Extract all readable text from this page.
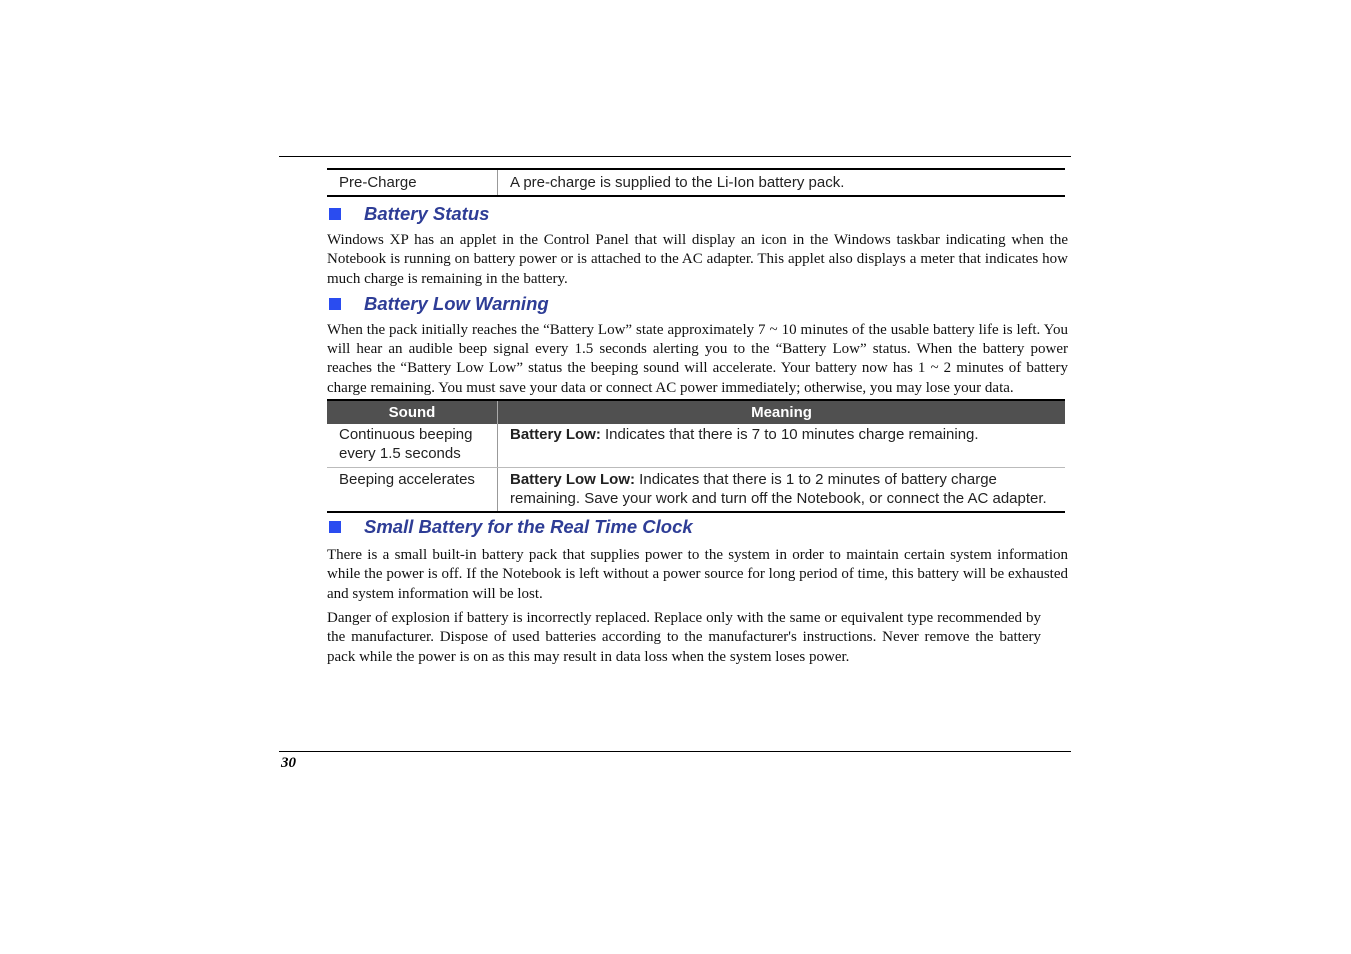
Pre-Charge	A pre-charge is supplied to the Li-Ion battery pack.
Battery Status

Windows XP has an applet in the Control Panel that will display an icon in the Windows taskbar indicating when the Notebook is running on battery power or is attached to the AC adapter. This applet also displays a meter that indicates how much charge is remaining in the battery.

Battery Low Warning

When the pack initially reaches the “Battery Low” state approximately 7 ~ 10 minutes of the usable battery life is left. You will hear an audible beep signal every 1.5 seconds alerting you to the “Battery Low” status. When the battery power reaches the “Battery Low Low” status the beeping sound will accelerate. Your battery now has 1 ~ 2 minutes of battery charge remaining. You must save your data or connect AC power immediately; otherwise, you may lose your data.

Sound	Meaning
Continuous beeping every 1.5 seconds	Battery Low: Indicates that there is 7 to 10 minutes charge remaining.
Beeping accelerates	Battery Low Low: Indicates that there is 1 to 2 minutes of battery charge remaining. Save your work and turn off the Notebook, or connect the AC adapter.
Small Battery for the Real Time Clock

There is a small built-in battery pack that supplies power to the system in order to maintain certain system information while the power is off. If the Notebook is left without a power source for long period of time, this battery will be exhausted and system information will be lost.

Danger of explosion if battery is incorrectly replaced. Replace only with the same or equivalent type recommended by the manufacturer. Dispose of used batteries according to the manufacturer's instructions. Never remove the battery pack while the power is on as this may result in data loss when the system loses power.

30
